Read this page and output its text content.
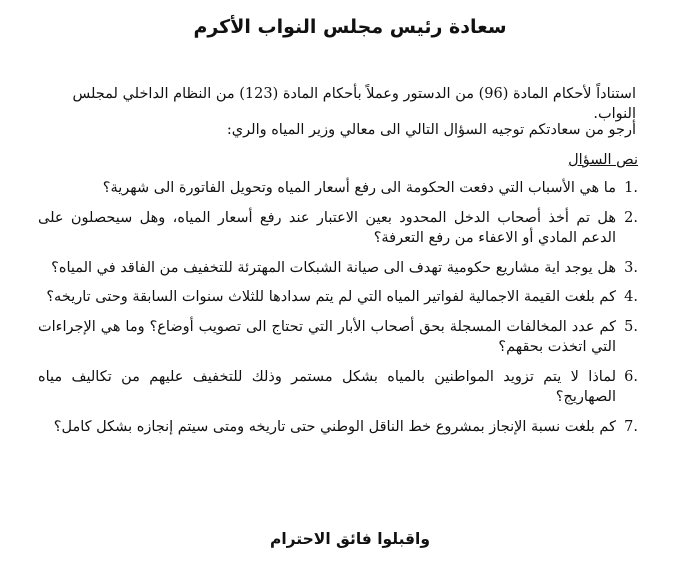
سعادة رئيس مجلس النواب الأكرم
استناداً لأحكام المادة (96) من الدستور وعملاً بأحكام المادة (123) من النظام الداخلي لمجلس النواب.
أرجو من سعادتكم توجيه السؤال التالي الى معالي وزير المياه والري:
نص السؤال
1.
ما هي الأسباب التي دفعت الحكومة الى رفع أسعار المياه وتحويل الفاتورة الى شهرية؟
2.
هل تم أخذ أصحاب الدخل المحدود بعين الاعتبار عند رفع أسعار المياه، وهل سيحصلون على الدعم المادي أو الاعفاء من رفع التعرفة؟
3.
هل يوجد اية مشاريع حكومية تهدف الى صيانة الشبكات المهترئة للتخفيف من الفاقد في المياه؟
4.
كم بلغت القيمة الاجمالية لفواتير المياه التي لم يتم سدادها للثلاث سنوات السابقة وحتى تاريخه؟
5.
كم عدد المخالفات المسجلة بحق أصحاب الأبار التي تحتاج الى تصويب أوضاع؟ وما هي الإجراءات التي اتخذت بحقهم؟
6.
لماذا لا يتم تزويد المواطنين بالمياه بشكل مستمر وذلك للتخفيف عليهم من تكاليف مياه الصهاريج؟
7.
كم بلغت نسبة الإنجاز بمشروع خط الناقل الوطني حتى تاريخه ومتى سيتم إنجازه بشكل كامل؟
واقبلوا فائق الاحترام
